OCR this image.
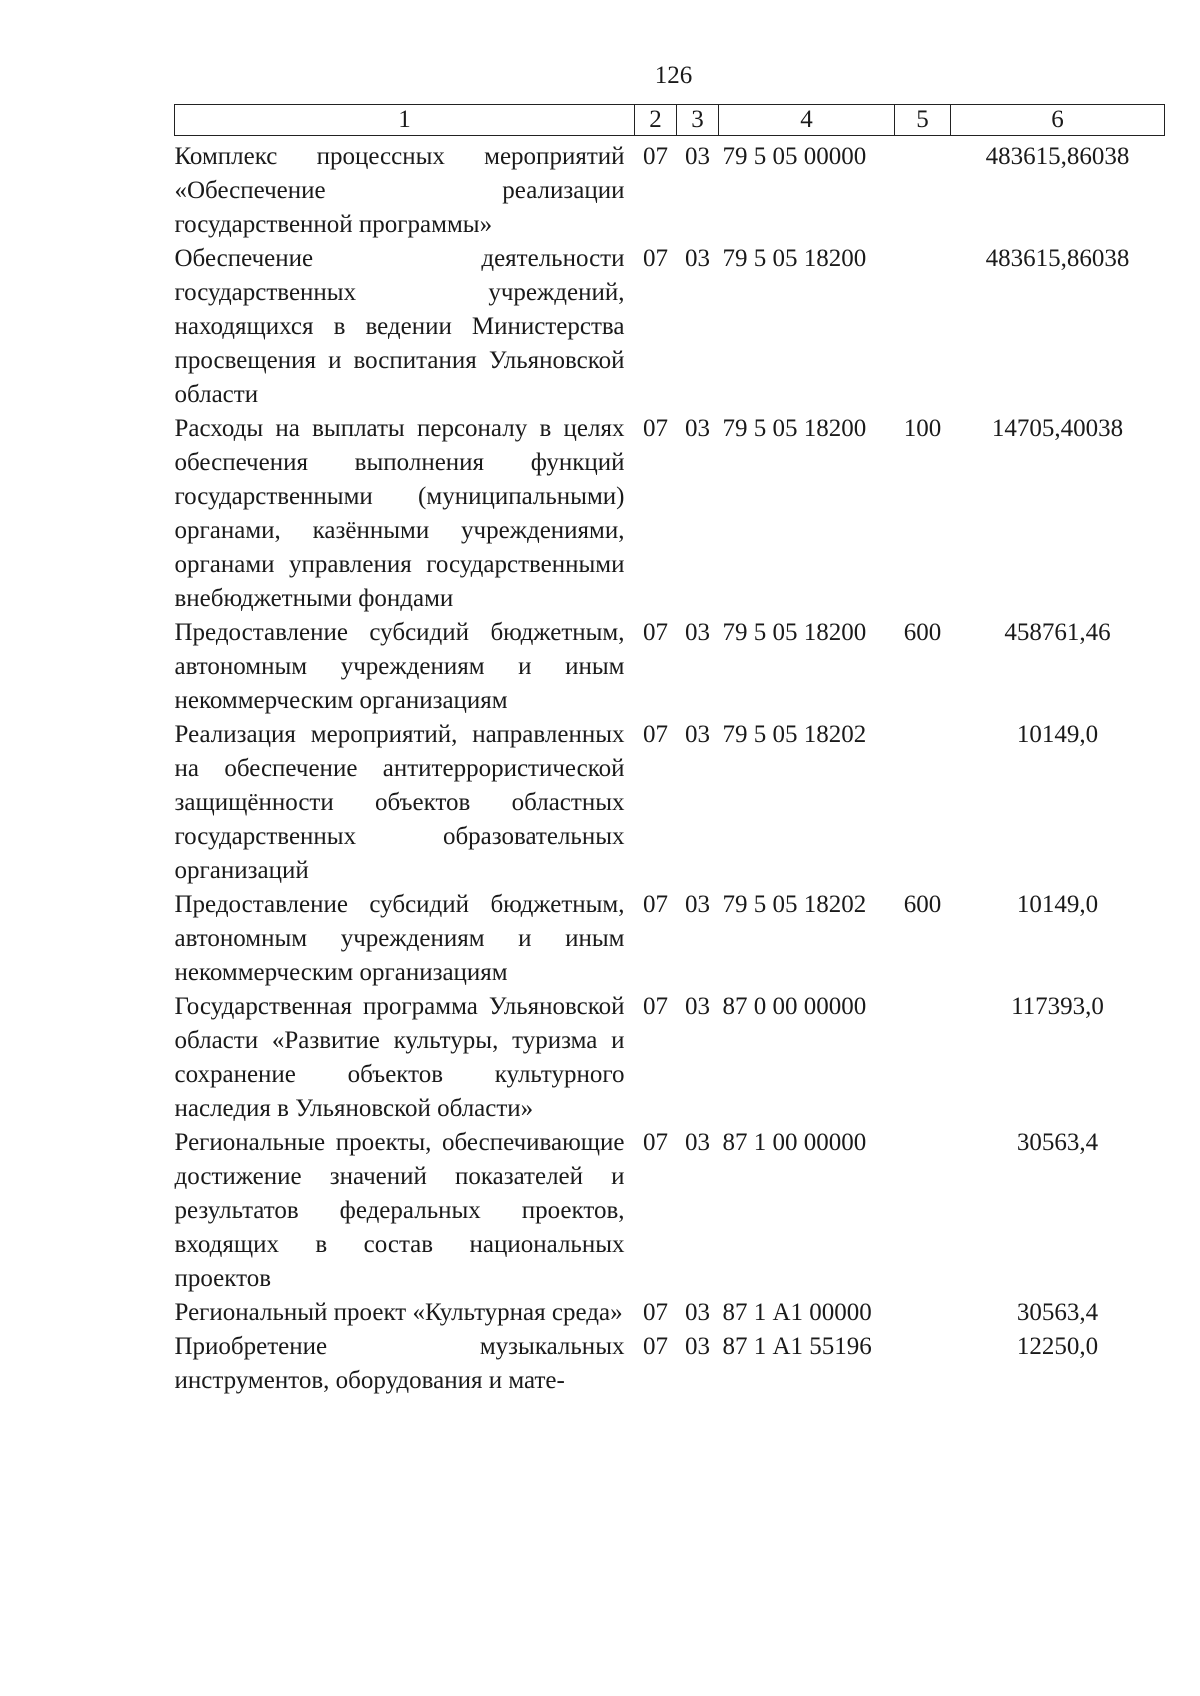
126
1	2	3	4	5	6
Комплекс процессных мероприятий «Обеспечение реализации государственной программы»	07	03	79 5 05 00000		483615,86038
Обеспечение деятельности государственных учреждений, находящихся в ведении Министерства просвещения и воспитания Ульяновской области	07	03	79 5 05 18200		483615,86038
Расходы на выплаты персоналу в целях обеспечения выполнения функций государственными (муниципальными) органами, казёнными учреждениями, органами управления государственными внебюджетными фондами	07	03	79 5 05 18200	100	14705,40038
Предоставление субсидий бюджетным, автономным учреждениям и иным некоммерческим организациям	07	03	79 5 05 18200	600	458761,46
Реализация мероприятий, направленных на обеспечение антитеррористической защищённости объектов областных государственных образовательных организаций	07	03	79 5 05 18202		10149,0
Предоставление субсидий бюджетным, автономным учреждениям и иным некоммерческим организациям	07	03	79 5 05 18202	600	10149,0
Государственная программа Ульяновской области «Развитие культуры, туризма и сохранение объектов культурного наследия в Ульяновской области»	07	03	87 0 00 00000		117393,0
Региональные проекты, обеспечивающие достижение значений показателей и результатов федеральных проектов, входящих в состав национальных проектов	07	03	87 1 00 00000		30563,4
Региональный проект «Культурная среда»	07	03	87 1 А1 00000		30563,4
Приобретение музыкальных инструментов, оборудования и мате-	07	03	87 1 А1 55196		12250,0
